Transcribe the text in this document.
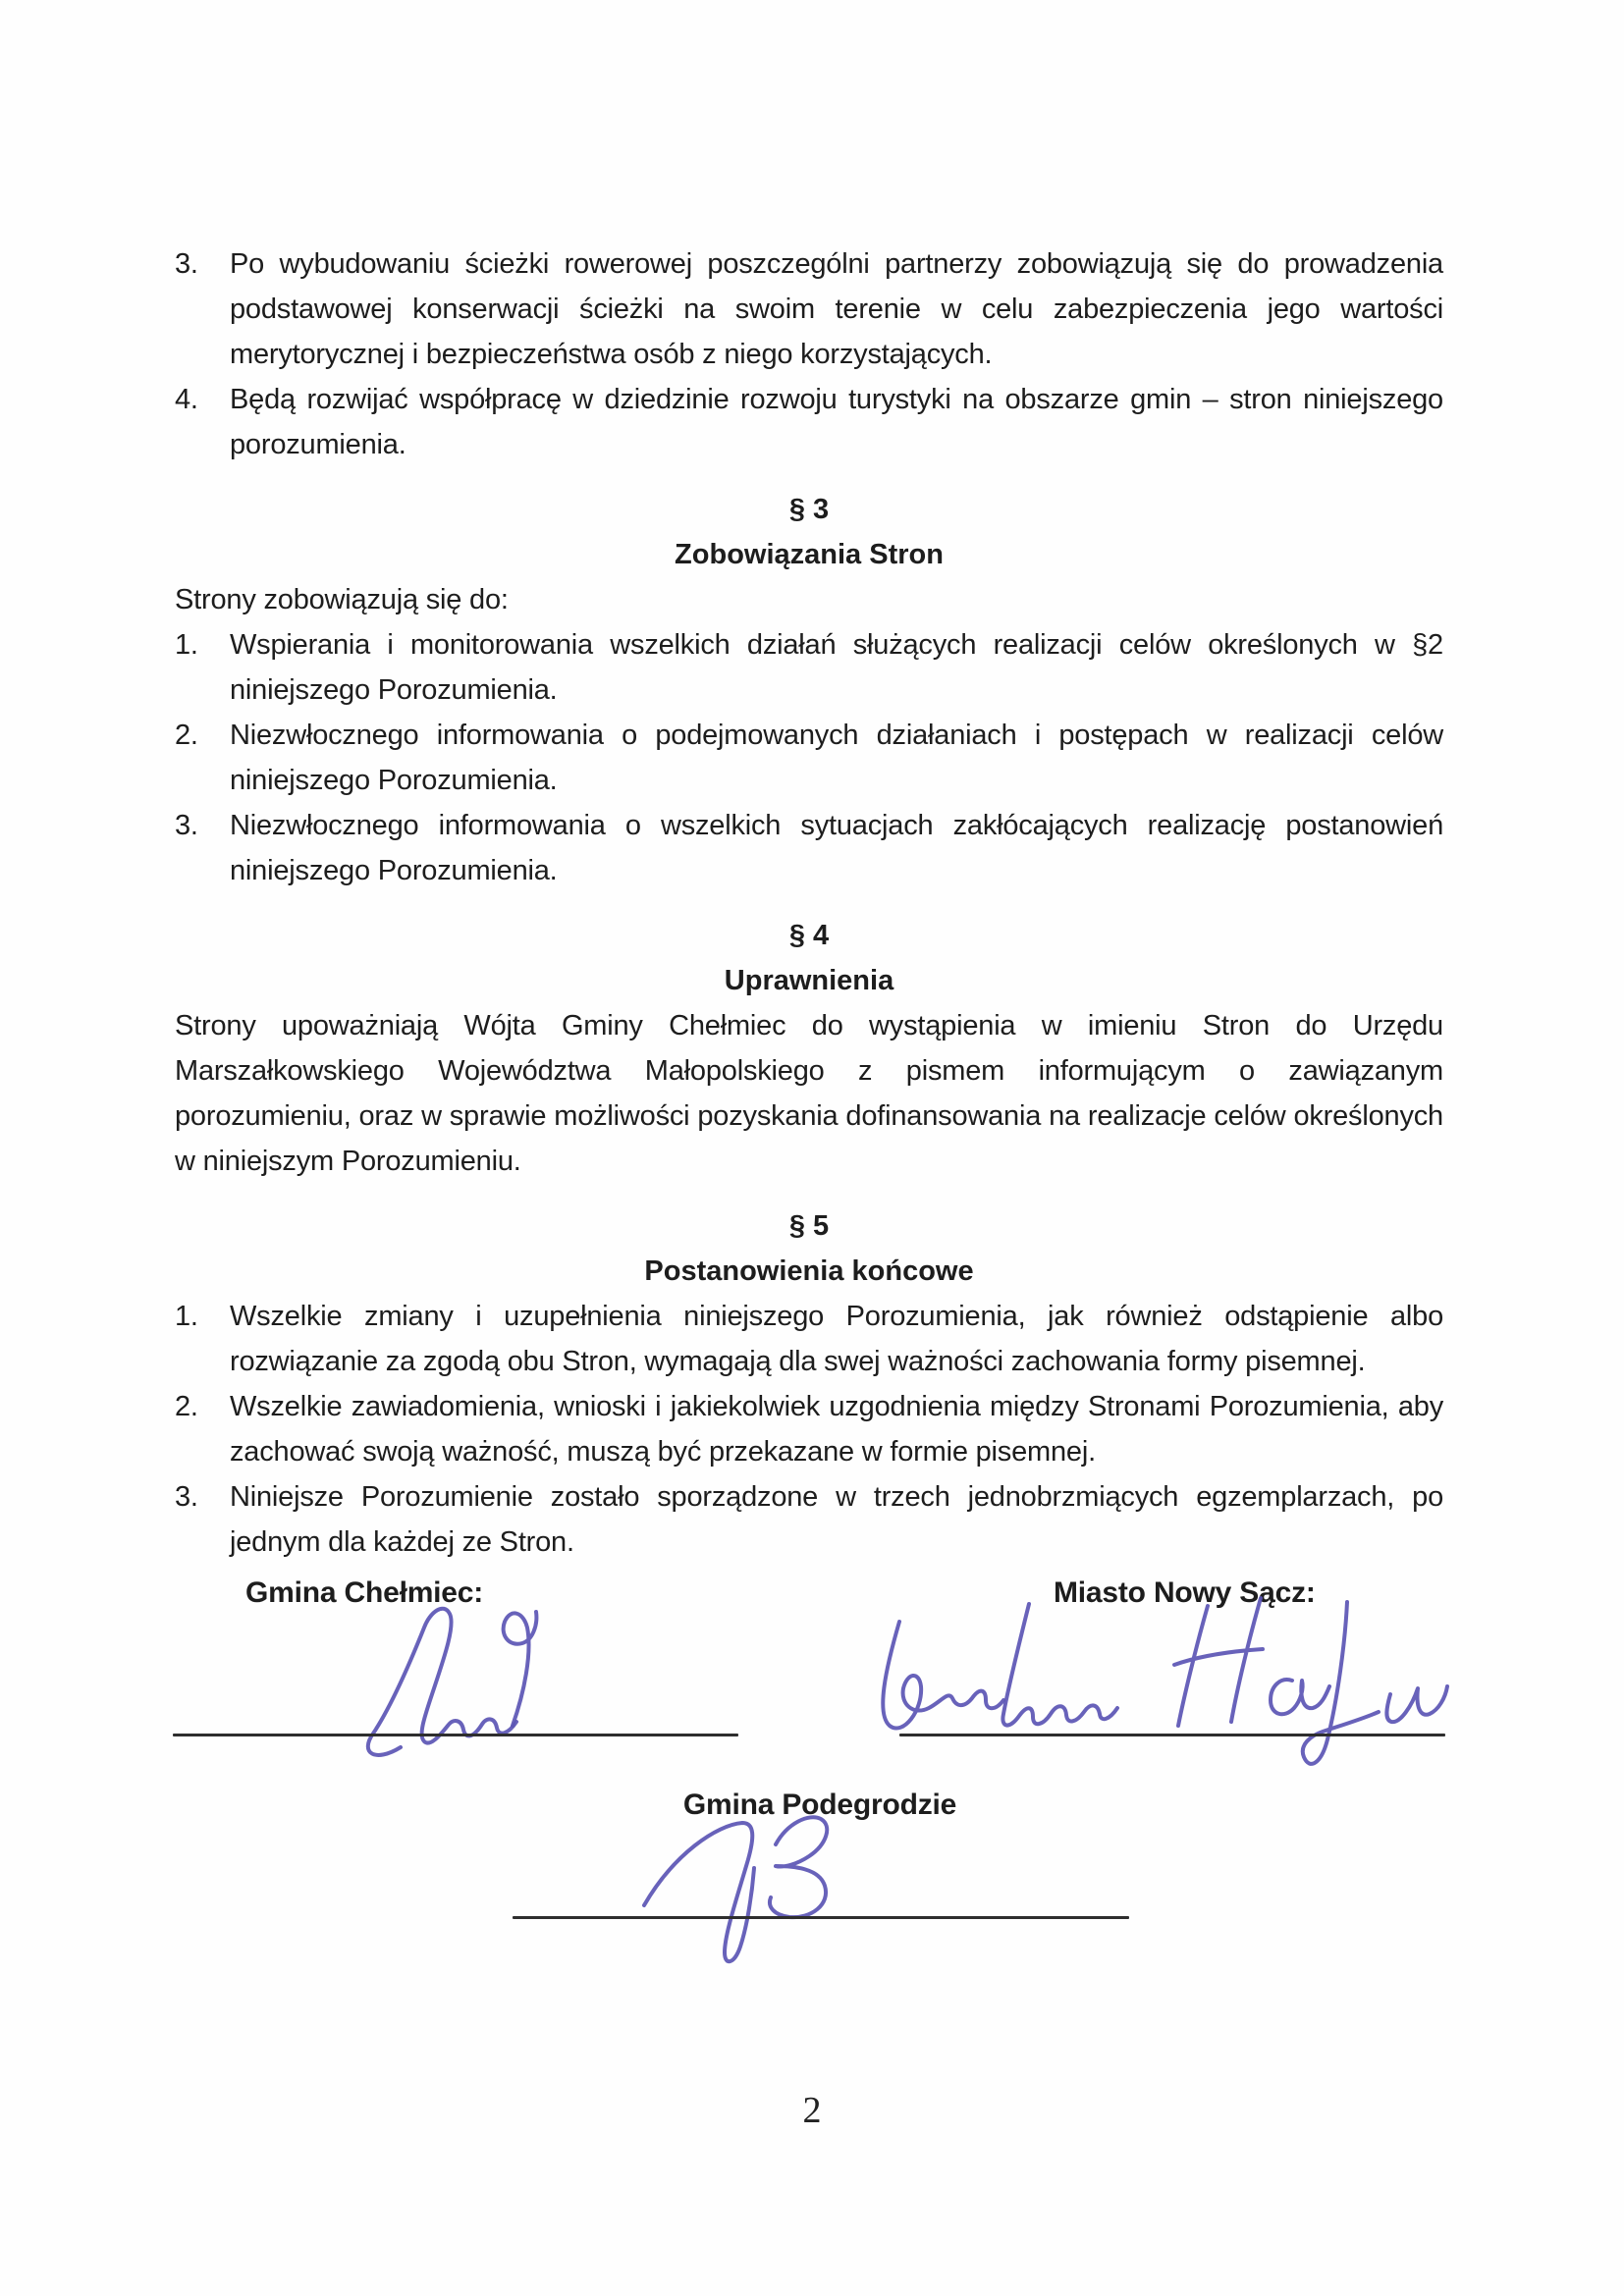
3. Po wybudowaniu ścieżki rowerowej poszczególni partnerzy zobowiązują się do prowadzenia podstawowej konserwacji ścieżki na swoim terenie w celu zabezpieczenia jego wartości merytorycznej i bezpieczeństwa osób z niego korzystających.
4. Będą rozwijać współpracę w dziedzinie rozwoju turystyki na obszarze gmin – stron niniejszego porozumienia.
§ 3
Zobowiązania Stron

Strony zobowiązują się do:

1. Wspierania i monitorowania wszelkich działań służących realizacji celów określonych w §2 niniejszego Porozumienia.
2. Niezwłocznego informowania o podejmowanych działaniach i postępach w realizacji celów niniejszego Porozumienia.
3. Niezwłocznego informowania o wszelkich sytuacjach zakłócających realizację postanowień niniejszego Porozumienia.
§ 4
Uprawnienia

Strony upoważniają Wójta Gminy Chełmiec do wystąpienia w imieniu Stron do Urzędu Marszałkowskiego Województwa Małopolskiego z pismem informującym o zawiązanym porozumieniu, oraz w sprawie możliwości pozyskania dofinansowania na realizacje celów określonych w niniejszym Porozumieniu.

§ 5
Postanowienia końcowe
1. Wszelkie zmiany i uzupełnienia niniejszego Porozumienia, jak również odstąpienie albo rozwiązanie za zgodą obu Stron, wymagają dla swej ważności zachowania formy pisemnej.
2. Wszelkie zawiadomienia, wnioski i jakiekolwiek uzgodnienia między Stronami Porozumienia, aby zachować swoją ważność, muszą być przekazane w formie pisemnej.
3. Niniejsze Porozumienie zostało sporządzone w trzech jednobrzmiących egzemplarzach, po jednym dla każdej ze Stron.
Gmina Chełmiec:	Miasto Nowy Sącz:
Gmina Podegrodzie
2
